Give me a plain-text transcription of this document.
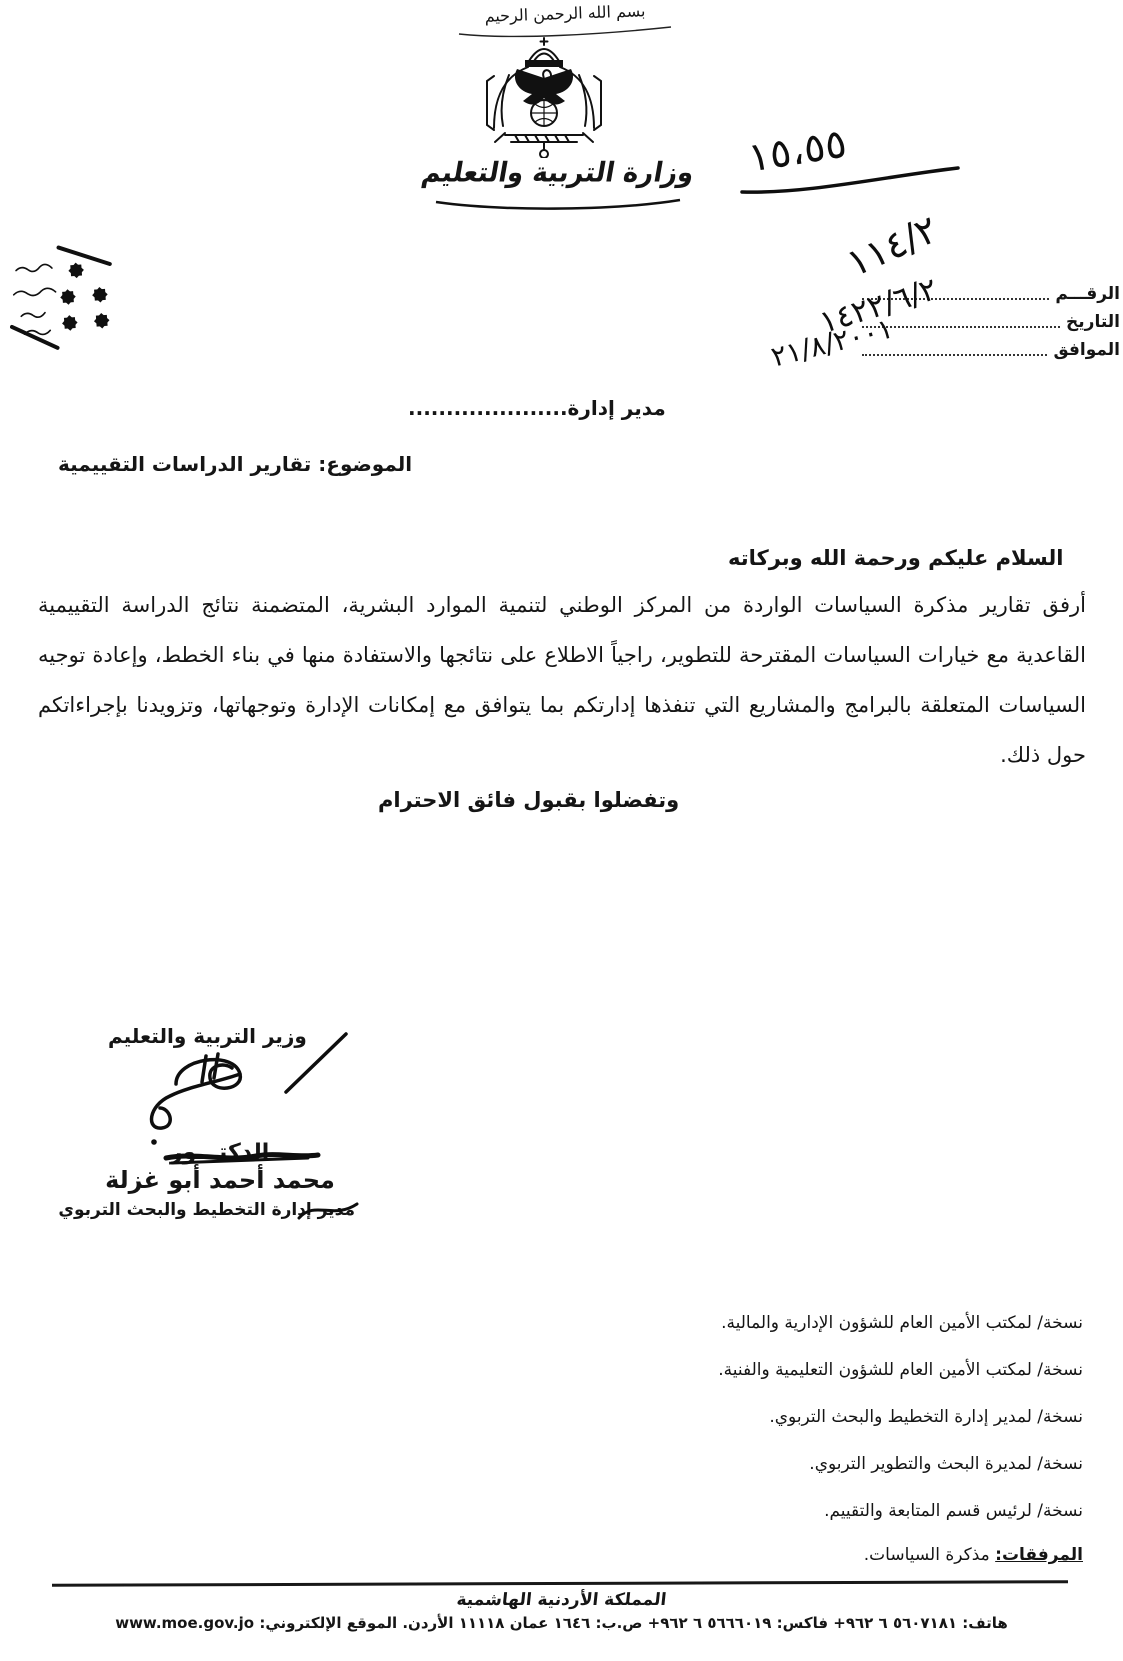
بسم الله الرحمن الرحيم
وزارة التربية والتعليم	١٥،٥٥
الرقـــم
التاريخ
الموافق
١١٤/٢
١٤٢٢/٦/٢
٢١/٨/٢٠٠١
مدير إدارة.....................
الموضوع: تقارير الدراسات التقييمية
السلام عليكم ورحمة الله وبركاته

أرفق تقارير مذكرة السياسات الواردة من المركز الوطني لتنمية الموارد البشرية، المتضمنة نتائج الدراسة التقييمية القاعدية مع خيارات السياسات المقترحة للتطوير، راجياً الاطلاع على نتائجها والاستفادة منها في بناء الخطط، وإعادة توجيه السياسات المتعلقة بالبرامج والمشاريع التي تنفذها إدارتكم بما يتوافق مع إمكانات الإدارة وتوجهاتها، وتزويدنا بإجراءاتكم حول ذلك.

وتفضلوا بقبول فائق الاحترام
وزير التربية والتعليم
الدكتـــور
محمد أحمد أبو غزلة
مدير إدارة التخطيط والبحث التربوي
نسخة/ لمكتب الأمين العام للشؤون الإدارية والمالية.
نسخة/ لمكتب الأمين العام للشؤون التعليمية والفنية.
نسخة/ لمدير إدارة التخطيط والبحث التربوي.
نسخة/ لمديرة البحث والتطوير التربوي.
نسخة/ لرئيس قسم المتابعة والتقييم.
المرفقات: مذكرة السياسات.
المملكة الأردنية الهاشمية
هاتف: ٥٦٠٧١٨١ ٦ ٩٦٢+ فاكس: ٥٦٦٦٠١٩ ٦ ٩٦٢+ ص.ب: ١٦٤٦ عمان ١١١١٨ الأردن. الموقع الإلكتروني: www.moe.gov.jo
